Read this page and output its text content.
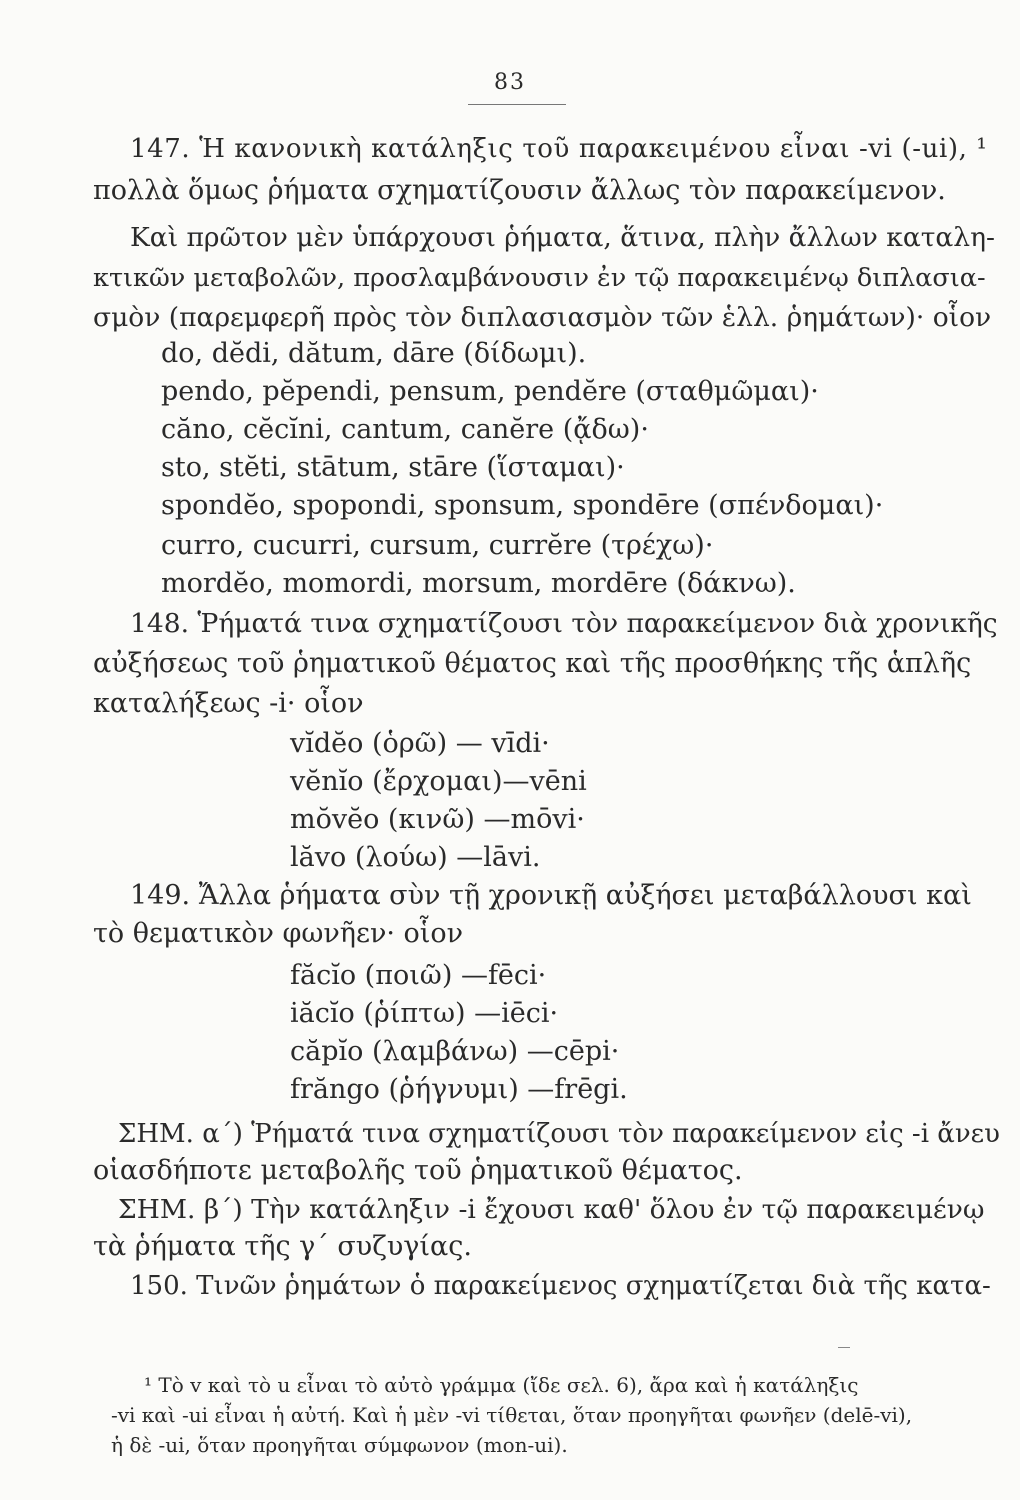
83
147. Ἡ κανονικὴ κατάληξις τοῦ παρακειμένου εἶναι -vi (-ui), ¹
πολλὰ ὅμως ῥήματα σχηματίζουσιν ἄλλως τὸν παρακείμενον.
Καὶ πρῶτον μὲν ὑπάρχουσι ῥήματα, ἅτινα, πλὴν ἄλλων καταλη-
κτικῶν μεταβολῶν, προσλαμβάνουσιν ἐν τῷ παρακειμένῳ διπλασια-
σμὸν (παρεμφερῆ πρὸς τὸν διπλασιασμὸν τῶν ἑλλ. ῥημάτων)· οἷον
do, dĕdi, dătum, dāre (δίδωμι).
pendo, pĕpendi, pensum, pendĕre (σταθμῶμαι)·
căno, cĕcĭni, cantum, canĕre (ᾄδω)·
sto, stĕti, stātum, stāre (ἵσταμαι)·
spondĕo, spopondi, sponsum, spondēre (σπένδομαι)·
curro, cucurri, cursum, currĕre (τρέχω)·
mordĕo, momordi, morsum, mordēre (δάκνω).
148. Ῥήματά τινα σχηματίζουσι τὸν παρακείμενον διὰ χρονικῆς
αὐξήσεως τοῦ ῥηματικοῦ θέματος καὶ τῆς προσθήκης τῆς ἁπλῆς
καταλήξεως -i· οἷον
vĭdĕo (ὁρῶ) — vīdi·
vĕnĭo (ἔρχομαι)—vēni
mŏvĕo (κινῶ) —mōvi·
lăvo (λούω) —lāvi.
149. Ἄλλα ῥήματα σὺν τῇ χρονικῇ αὐξήσει μεταβάλλουσι καὶ
τὸ θεματικὸν φωνῆεν· οἷον
făcĭo (ποιῶ) —fēci·
iăcĭo (ῥίπτω) —iēci·
căpĭo (λαμβάνω) —cēpi·
frăngo (ῥήγνυμι) —frēgi.
ΣΗΜ. α΄) Ῥήματά τινα σχηματίζουσι τὸν παρακείμενον εἰς -i ἄνευ
οἱασδήποτε μεταβολῆς τοῦ ῥηματικοῦ θέματος.
ΣΗΜ. β΄) Τὴν κατάληξιν -i ἔχουσι καθ' ὅλου ἐν τῷ παρακειμένῳ
τὰ ῥήματα τῆς γ΄ συζυγίας.
150. Τινῶν ῥημάτων ὁ παρακείμενος σχηματίζεται διὰ τῆς κατα-
¹ Τὸ v καὶ τὸ u εἶναι τὸ αὐτὸ γράμμα (ἴδε σελ. 6), ἄρα καὶ ἡ κατάληξις
-vi καὶ -ui εἶναι ἡ αὐτή. Καὶ ἡ μὲν -vi τίθεται, ὅταν προηγῆται φωνῆεν (delē-vi),
ἡ δὲ -ui, ὅταν προηγῆται σύμφωνον (mon-ui).
